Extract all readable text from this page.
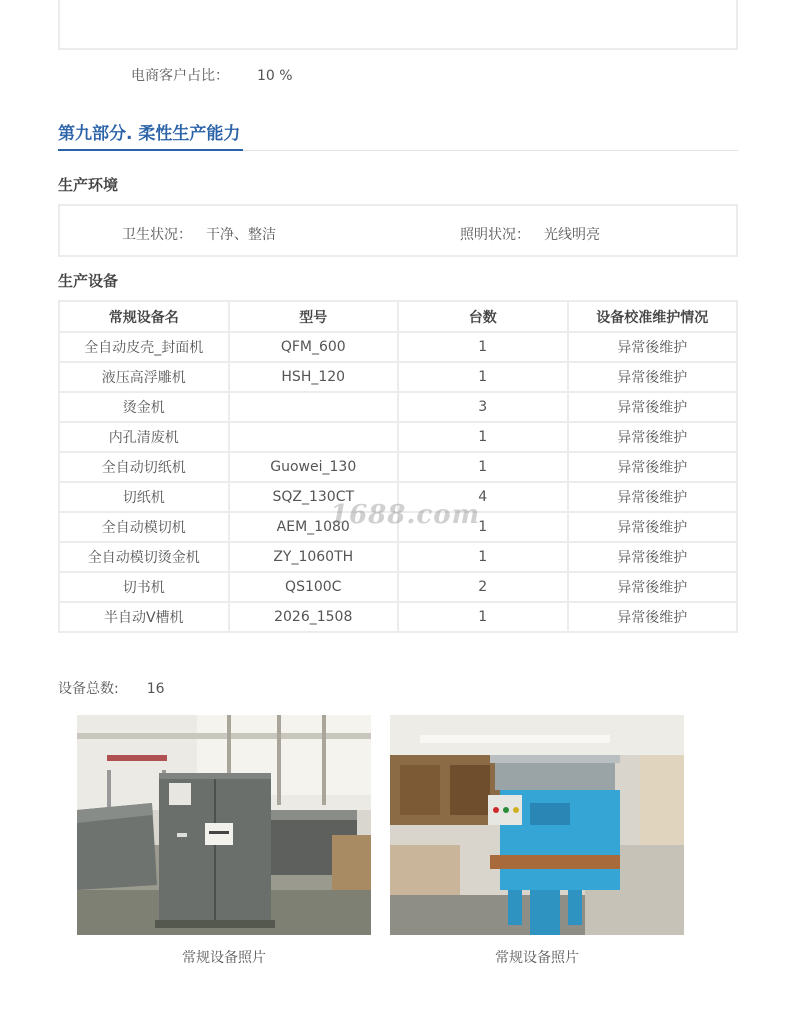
电商客户占比： 10 %
第九部分. 柔性生产能力
生产环境
卫生状况： 干净、整洁	照明状况： 光线明亮
生产设备
常规设备名	型号	台数	设备校准维护情况
全自动皮壳_封面机	QFM_600	1	异常後维护
液压高浮雕机	HSH_120	1	异常後维护
烫金机		3	异常後维护
内孔清废机		1	异常後维护
全自动切纸机	Guowei_130	1	异常後维护
切纸机	SQZ_130CT	4	异常後维护
全自动模切机	AEM_1080	1	异常後维护
全自动模切烫金机	ZY_1060TH	1	异常後维护
切书机	QS100C	2	异常後维护
半自动V槽机	2026_1508	1	异常後维护
1688.com
设备总数: 16
常规设备照片	常规设备照片
